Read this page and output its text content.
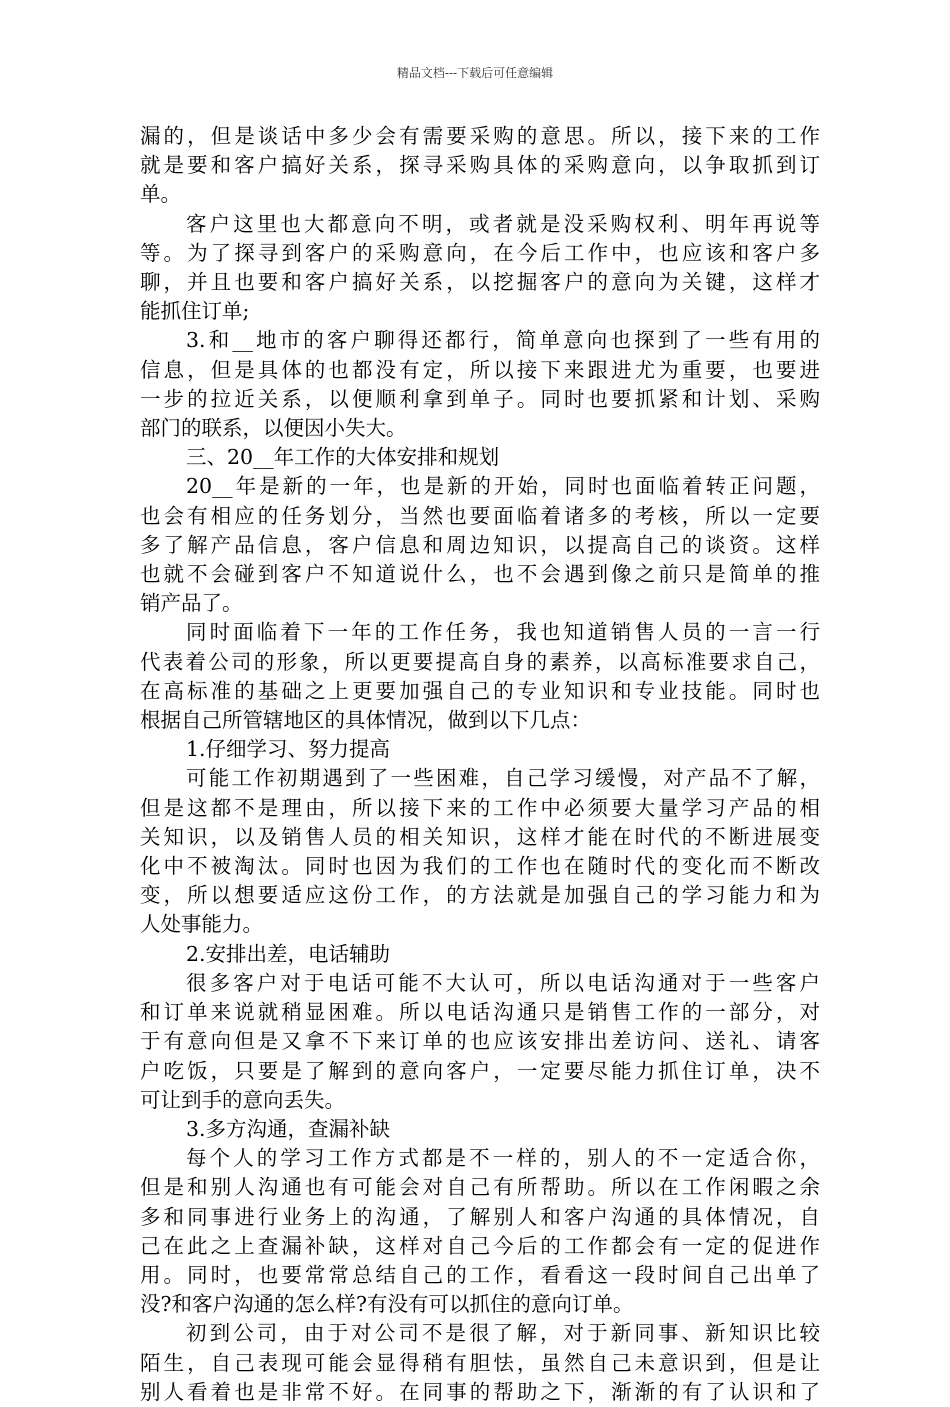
精品文档---下载后可任意编辑

漏的，但是谈话中多少会有需要采购的意思。所以，接下来的工作

就是要和客户搞好关系，探寻采购具体的采购意向，以争取抓到订

单。

客户这里也大都意向不明，或者就是没采购权利、明年再说等

等。为了探寻到客户的采购意向，在今后工作中，也应该和客户多

聊，并且也要和客户搞好关系，以挖掘客户的意向为关键，这样才

能抓住订单;

3.和__地市的客户聊得还都行，简单意向也探到了一些有用的

信息，但是具体的也都没有定，所以接下来跟进尤为重要，也要进

一步的拉近关系，以便顺利拿到单子。同时也要抓紧和计划、采购

部门的联系，以便因小失大。

三、20__年工作的大体安排和规划

20__年是新的一年，也是新的开始，同时也面临着转正问题，

也会有相应的任务划分，当然也要面临着诸多的考核，所以一定要

多了解产品信息，客户信息和周边知识，以提高自己的谈资。这样

也就不会碰到客户不知道说什么，也不会遇到像之前只是简单的推

销产品了。

同时面临着下一年的工作任务，我也知道销售人员的一言一行

代表着公司的形象，所以更要提高自身的素养，以高标准要求自己，

在高标准的基础之上更要加强自己的专业知识和专业技能。同时也

根据自己所管辖地区的具体情况，做到以下几点：

1.仔细学习、努力提高

可能工作初期遇到了一些困难，自己学习缓慢，对产品不了解，

但是这都不是理由，所以接下来的工作中必须要大量学习产品的相

关知识，以及销售人员的相关知识，这样才能在时代的不断进展变

化中不被淘汰。同时也因为我们的工作也在随时代的变化而不断改

变，所以想要适应这份工作，的方法就是加强自己的学习能力和为

人处事能力。

2.安排出差，电话辅助

很多客户对于电话可能不大认可，所以电话沟通对于一些客户

和订单来说就稍显困难。所以电话沟通只是销售工作的一部分，对

于有意向但是又拿不下来订单的也应该安排出差访问、送礼、请客

户吃饭，只要是了解到的意向客户，一定要尽能力抓住订单，决不

可让到手的意向丢失。

3.多方沟通，查漏补缺

每个人的学习工作方式都是不一样的，别人的不一定适合你，

但是和别人沟通也有可能会对自己有所帮助。所以在工作闲暇之余

多和同事进行业务上的沟通，了解别人和客户沟通的具体情况，自

己在此之上查漏补缺，这样对自己今后的工作都会有一定的促进作

用。同时，也要常常总结自己的工作，看看这一段时间自己出单了

没?和客户沟通的怎么样?有没有可以抓住的意向订单。

初到公司，由于对公司不是很了解，对于新同事、新知识比较

陌生，自己表现可能会显得稍有胆怯，虽然自己未意识到，但是让

别人看着也是非常不好。在同事的帮助之下，渐渐的有了认识和了
